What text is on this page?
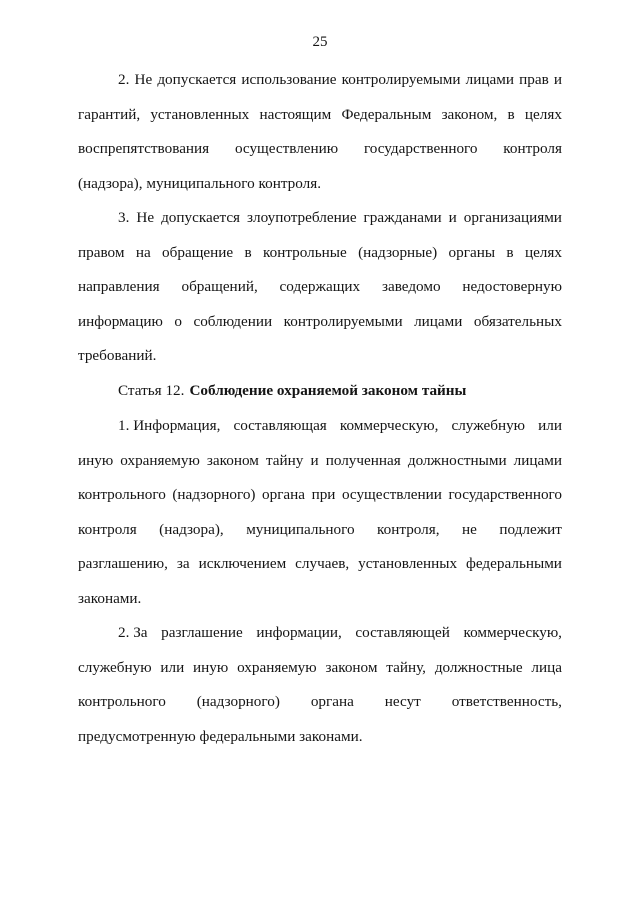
25
2. Не допускается использование контролируемыми лицами прав и
гарантий, установленных настоящим Федеральным законом, в целях
воспрепятствования осуществлению государственного контроля
(надзора), муниципального контроля.
3. Не допускается злоупотребление гражданами и организациями
правом на обращение в контрольные (надзорные) органы в целях
направления обращений, содержащих заведомо недостоверную
информацию о соблюдении контролируемыми лицами обязательных
требований.
Статья 12. Соблюдение охраняемой законом тайны
1. Информация, составляющая коммерческую, служебную или
иную охраняемую законом тайну и полученная должностными лицами
контрольного (надзорного) органа при осуществлении государственного
контроля (надзора), муниципального контроля, не подлежит
разглашению, за исключением случаев, установленных федеральными
законами.
2. За разглашение информации, составляющей коммерческую,
служебную или иную охраняемую законом тайну, должностные лица
контрольного (надзорного) органа несут ответственность,
предусмотренную федеральными законами.
